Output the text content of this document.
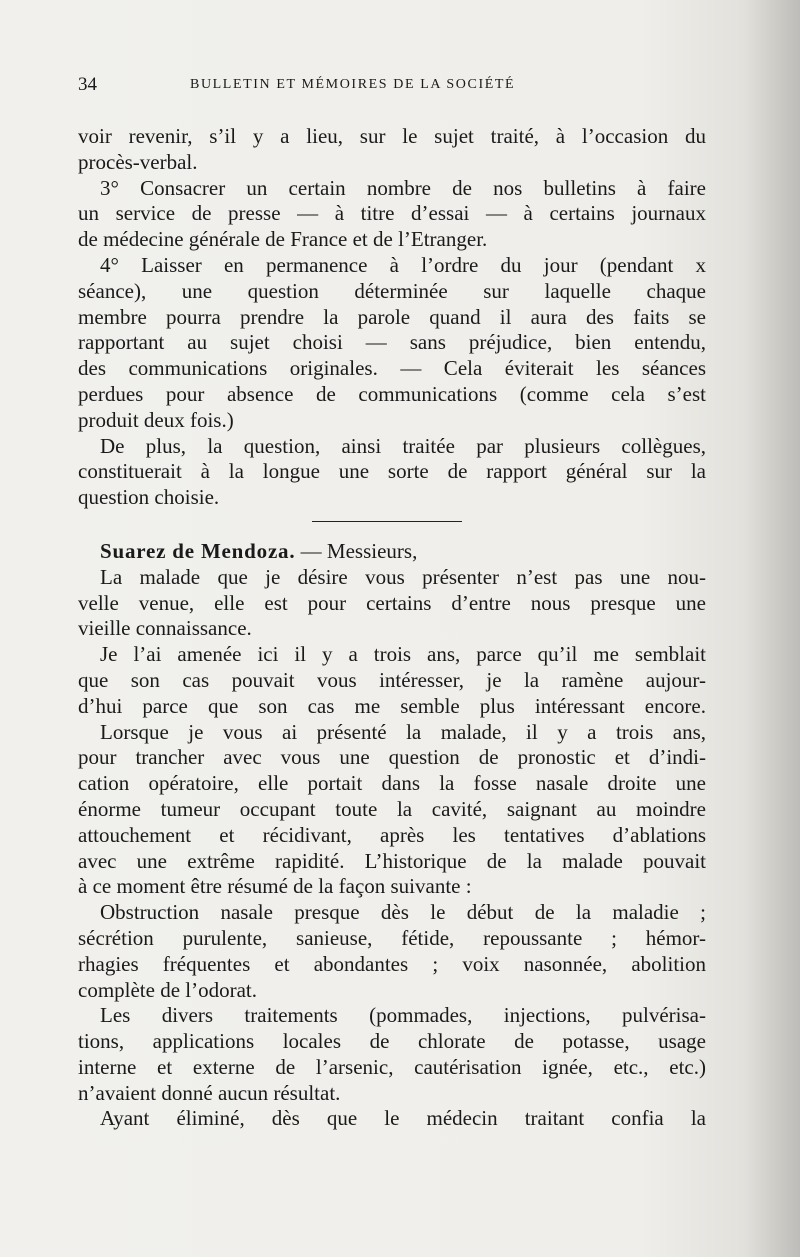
34	BULLETIN ET MÉMOIRES DE LA SOCIÉTÉ
voir revenir, s’il y a lieu, sur le sujet traité, à l’occasion du
procès-verbal.
3° Consacrer un certain nombre de nos bulletins à faire
un service de presse — à titre d’essai — à certains journaux
de médecine générale de France et de l’Etranger.
4° Laisser en permanence à l’ordre du jour (pendant x
séance), une question déterminée sur laquelle chaque
membre pourra prendre la parole quand il aura des faits se
rapportant au sujet choisi — sans préjudice, bien entendu,
des communications originales. — Cela éviterait les séances
perdues pour absence de communications (comme cela s’est
produit deux fois.)
De plus, la question, ainsi traitée par plusieurs collègues,
constituerait à la longue une sorte de rapport général sur la
question choisie.
Suarez de Mendoza. — Messieurs,
La malade que je désire vous présenter n’est pas une nou-
velle venue, elle est pour certains d’entre nous presque une
vieille connaissance.
Je l’ai amenée ici il y a trois ans, parce qu’il me semblait
que son cas pouvait vous intéresser, je la ramène aujour-
d’hui parce que son cas me semble plus intéressant encore.
Lorsque je vous ai présenté la malade, il y a trois ans,
pour trancher avec vous une question de pronostic et d’indi-
cation opératoire, elle portait dans la fosse nasale droite une
énorme tumeur occupant toute la cavité, saignant au moindre
attouchement et récidivant, après les tentatives d’ablations
avec une extrême rapidité. L’historique de la malade pouvait
à ce moment être résumé de la façon suivante :
Obstruction nasale presque dès le début de la maladie ;
sécrétion purulente, sanieuse, fétide, repoussante ; hémor-
rhagies fréquentes et abondantes ; voix nasonnée, abolition
complète de l’odorat.
Les divers traitements (pommades, injections, pulvérisa-
tions, applications locales de chlorate de potasse, usage
interne et externe de l’arsenic, cautérisation ignée, etc., etc.)
n’avaient donné aucun résultat.
Ayant éliminé, dès que le médecin traitant confia la
